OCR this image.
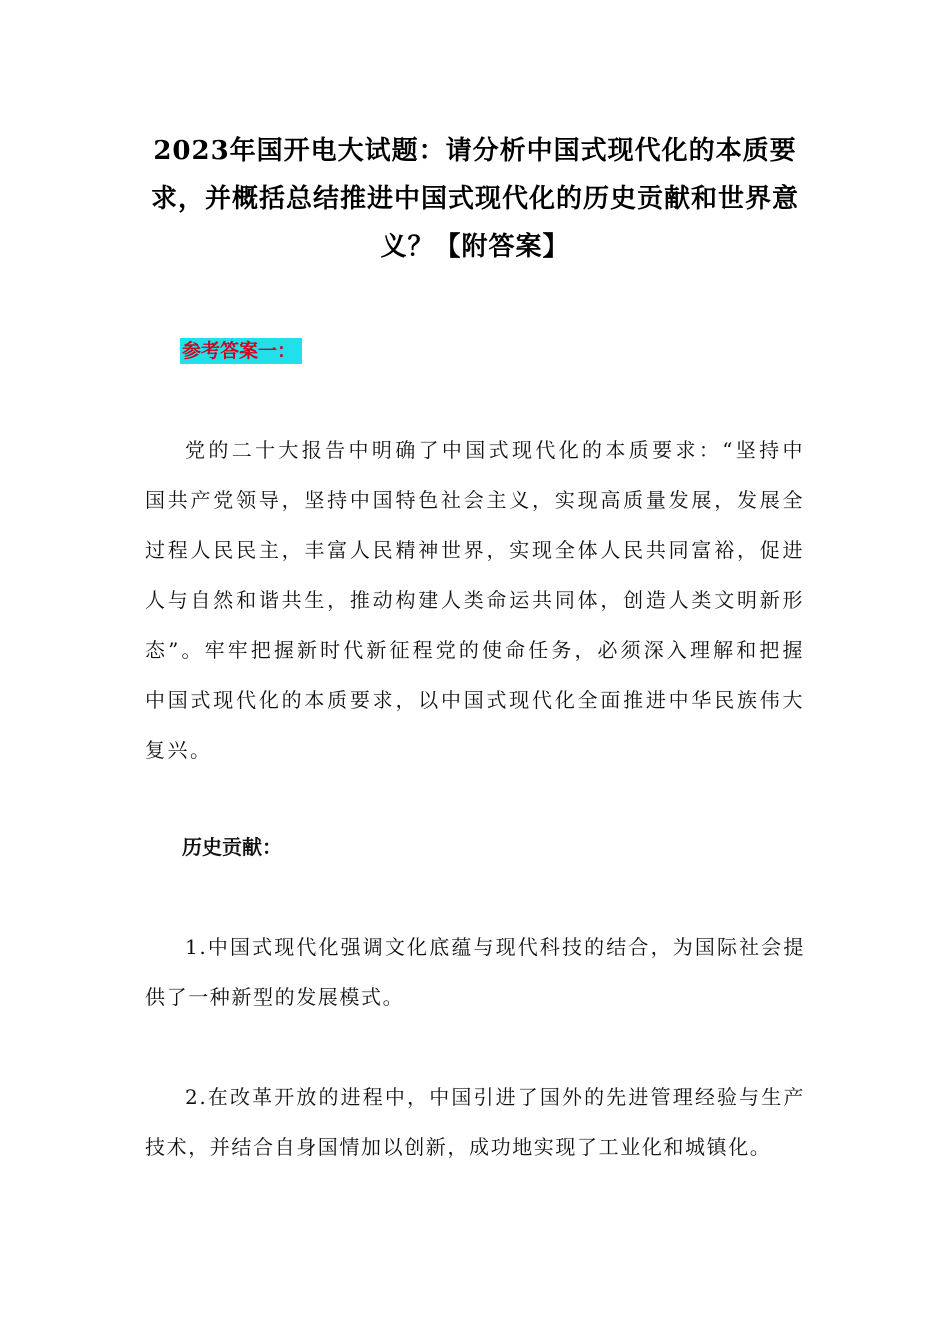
2023年国开电大试题：请分析中国式现代化的本质要求，并概括总结推进中国式现代化的历史贡献和世界意义？【附答案】
参考答案一：

党的二十大报告中明确了中国式现代化的本质要求：“坚持中国共产党领导，坚持中国特色社会主义，实现高质量发展，发展全过程人民民主，丰富人民精神世界，实现全体人民共同富裕，促进人与自然和谐共生，推动构建人类命运共同体，创造人类文明新形态”。牢牢把握新时代新征程党的使命任务，必须深入理解和把握中国式现代化的本质要求，以中国式现代化全面推进中华民族伟大复兴。

历史贡献：

1.中国式现代化强调文化底蕴与现代科技的结合，为国际社会提供了一种新型的发展模式。

2.在改革开放的进程中，中国引进了国外的先进管理经验与生产技术，并结合自身国情加以创新，成功地实现了工业化和城镇化。
